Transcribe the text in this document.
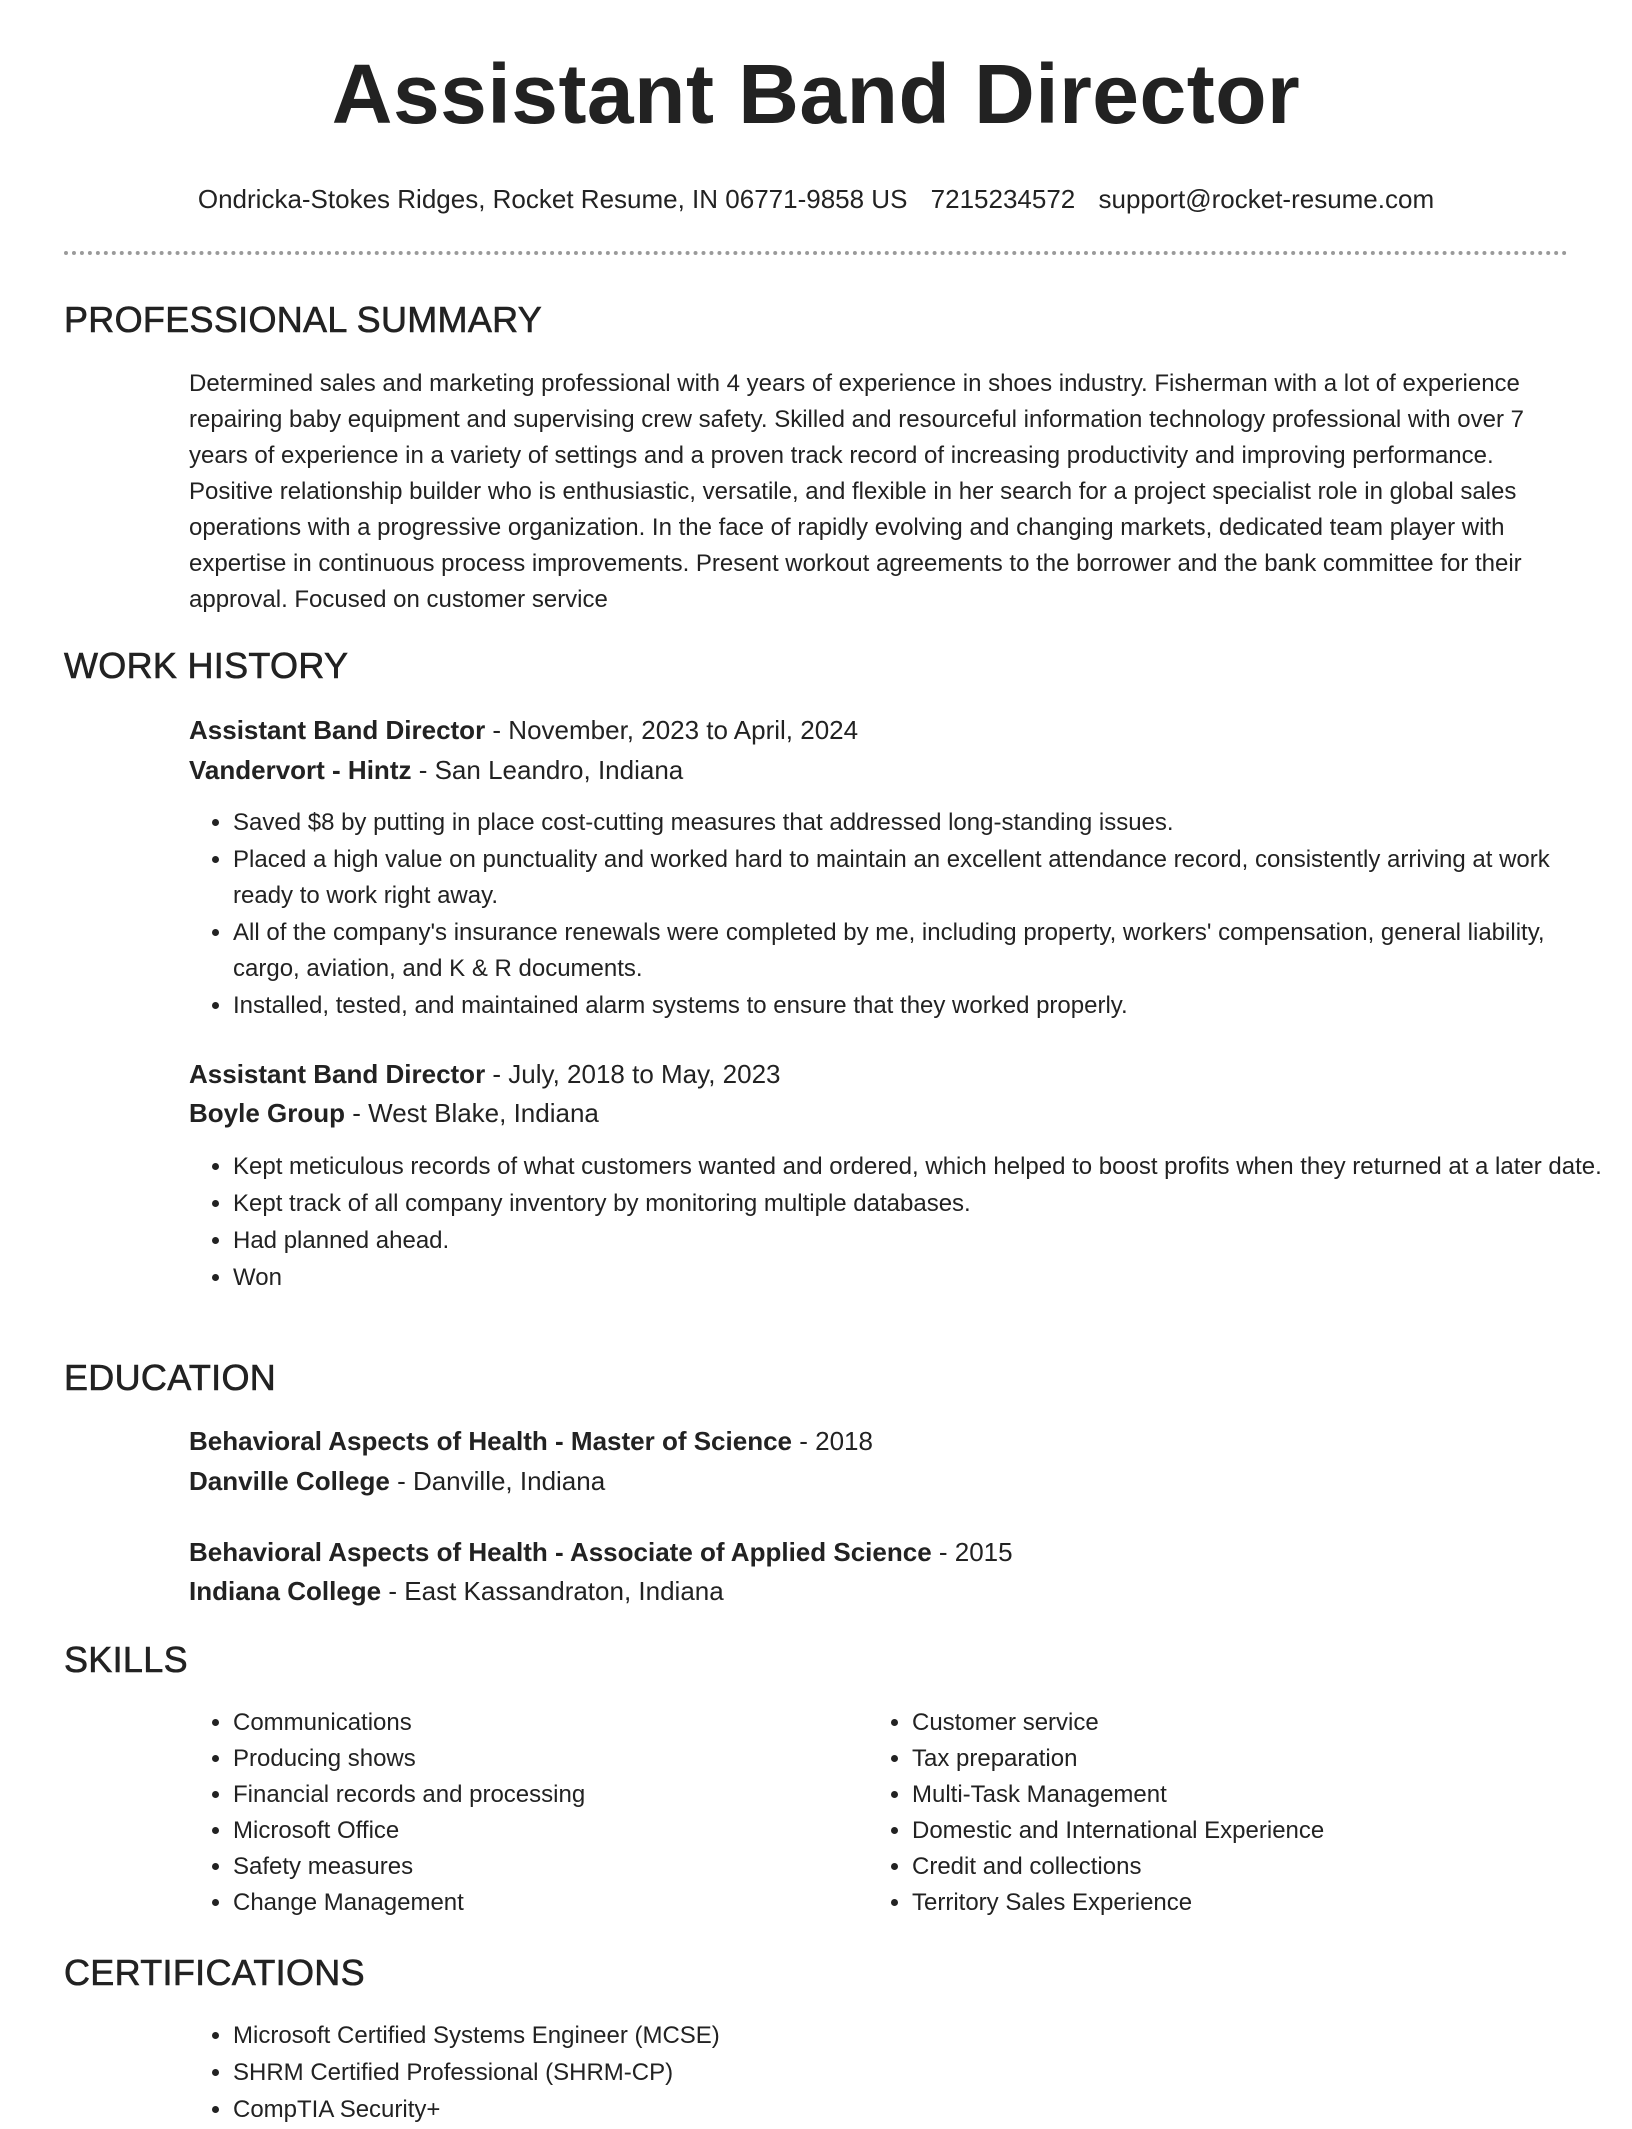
Assistant Band Director
Ondricka-Stokes Ridges, Rocket Resume, IN 06771-9858 US 7215234572 support@rocket-resume.com
PROFESSIONAL SUMMARY
Determined sales and marketing professional with 4 years of experience in shoes industry. Fisherman with a lot of experience repairing baby equipment and supervising crew safety. Skilled and resourceful information technology professional with over 7 years of experience in a variety of settings and a proven track record of increasing productivity and improving performance. Positive relationship builder who is enthusiastic, versatile, and flexible in her search for a project specialist role in global sales operations with a progressive organization. In the face of rapidly evolving and changing markets, dedicated team player with expertise in continuous process improvements. Present workout agreements to the borrower and the bank committee for their approval. Focused on customer service
WORK HISTORY
Assistant Band Director - November, 2023 to April, 2024
Vandervort - Hintz - San Leandro, Indiana
• Saved $8 by putting in place cost-cutting measures that addressed long-standing issues.
• Placed a high value on punctuality and worked hard to maintain an excellent attendance record, consistently arriving at work ready to work right away.
• All of the company's insurance renewals were completed by me, including property, workers' compensation, general liability, cargo, aviation, and K & R documents.
• Installed, tested, and maintained alarm systems to ensure that they worked properly.
Assistant Band Director - July, 2018 to May, 2023
Boyle Group - West Blake, Indiana
• Kept meticulous records of what customers wanted and ordered, which helped to boost profits when they returned at a later date.
• Kept track of all company inventory by monitoring multiple databases.
• Had planned ahead.
• Won
EDUCATION
Behavioral Aspects of Health - Master of Science - 2018
Danville College - Danville, Indiana
Behavioral Aspects of Health - Associate of Applied Science - 2015
Indiana College - East Kassandraton, Indiana
SKILLS
• Communications
• Producing shows
• Financial records and processing
• Microsoft Office
• Safety measures
• Change Management
• Customer service
• Tax preparation
• Multi-Task Management
• Domestic and International Experience
• Credit and collections
• Territory Sales Experience
CERTIFICATIONS
• Microsoft Certified Systems Engineer (MCSE)
• SHRM Certified Professional (SHRM-CP)
• CompTIA Security+
